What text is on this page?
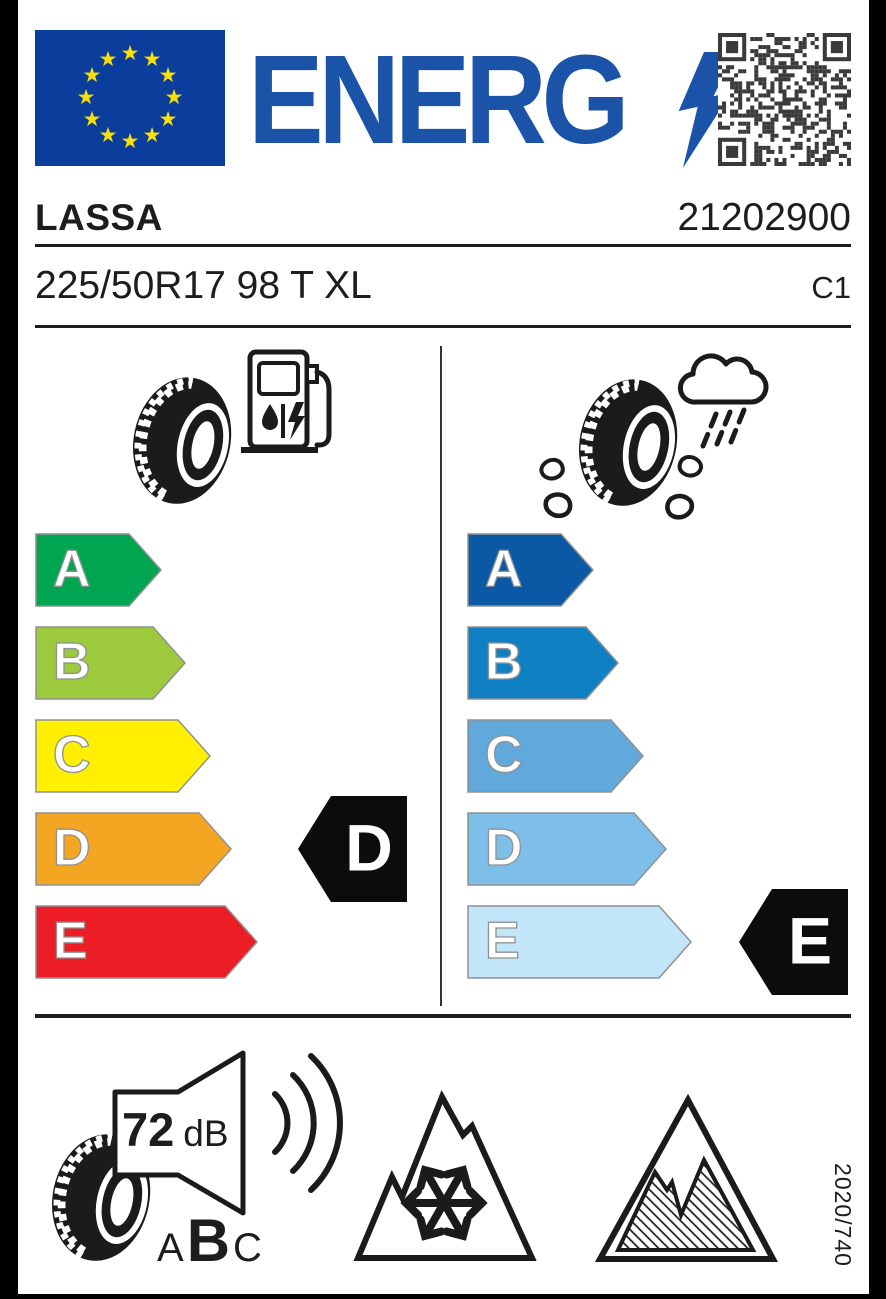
★ ★
★
★
★
★
★
★
★
★
★
★ ENERG
LASSA	21202900
225/50R17 98 T XL	C1
A
B
C
D
E
D
A
B
C
D
E	E
72 dB
A B C	2020/740
